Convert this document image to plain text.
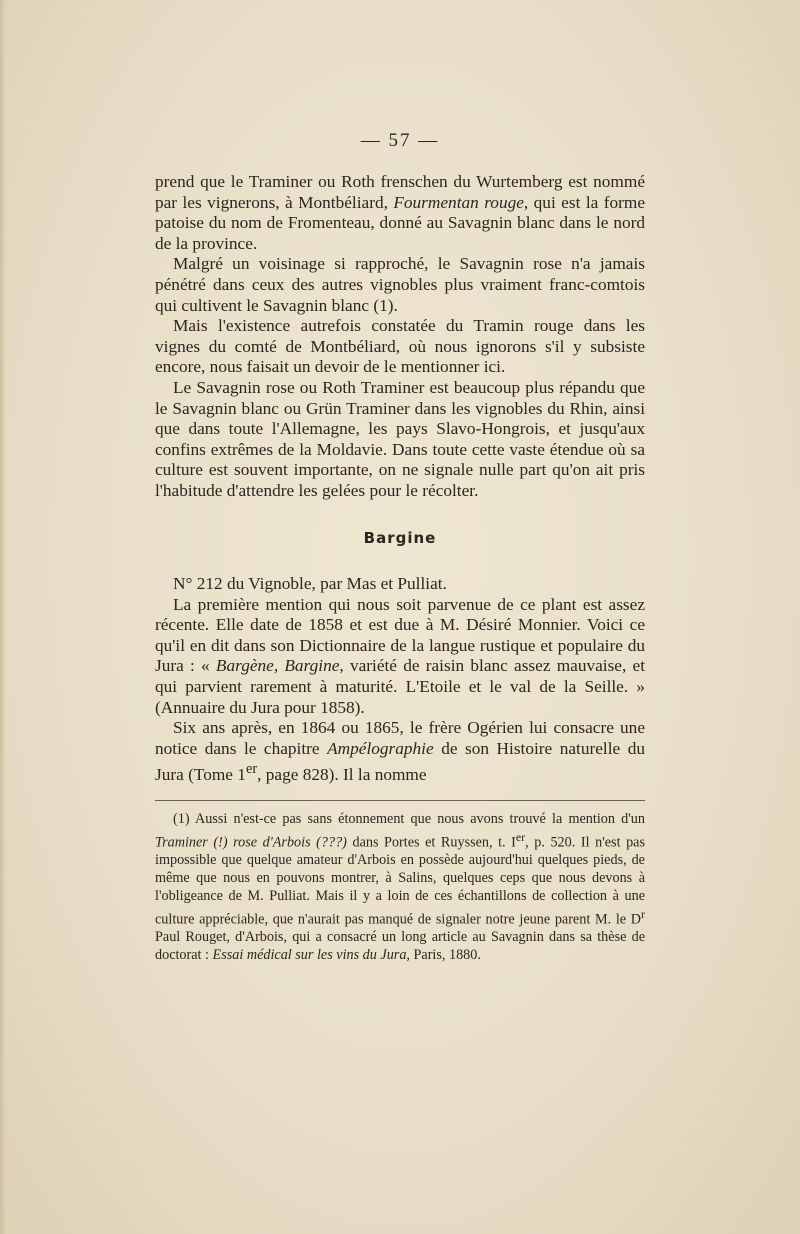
— 57 —

prend que le Traminer ou Roth frenschen du Wurtemberg est nommé par les vignerons, à Montbéliard, Fourmentan rouge, qui est la forme patoise du nom de Fromenteau, donné au Savagnin blanc dans le nord de la province.

Malgré un voisinage si rapproché, le Savagnin rose n'a jamais pénétré dans ceux des autres vignobles plus vraiment franc-comtois qui cultivent le Savagnin blanc (1).

Mais l'existence autrefois constatée du Tramin rouge dans les vignes du comté de Montbéliard, où nous ignorons s'il y subsiste encore, nous faisait un devoir de le mentionner ici.

Le Savagnin rose ou Roth Traminer est beaucoup plus répandu que le Savagnin blanc ou Grün Traminer dans les vignobles du Rhin, ainsi que dans toute l'Allemagne, les pays Slavo-Hongrois, et jusqu'aux confins extrêmes de la Moldavie. Dans toute cette vaste étendue où sa culture est souvent importante, on ne signale nulle part qu'on ait pris l'habitude d'attendre les gelées pour le récolter.

Bargine

N° 212 du Vignoble, par Mas et Pulliat.

La première mention qui nous soit parvenue de ce plant est assez récente. Elle date de 1858 et est due à M. Désiré Monnier. Voici ce qu'il en dit dans son Dictionnaire de la langue rustique et populaire du Jura : « Bargène, Bargine, variété de raisin blanc assez mauvaise, et qui parvient rarement à maturité. L'Etoile et le val de la Seille. » (Annuaire du Jura pour 1858).

Six ans après, en 1864 ou 1865, le frère Ogérien lui consacre une notice dans le chapitre Ampélographie de son Histoire naturelle du Jura (Tome 1er, page 828). Il la nomme

(1) Aussi n'est-ce pas sans étonnement que nous avons trouvé la mention d'un Traminer (!) rose d'Arbois (???) dans Portes et Ruyssen, t. Ier, p. 520. Il n'est pas impossible que quelque amateur d'Arbois en possède aujourd'hui quelques pieds, de même que nous en pouvons montrer, à Salins, quelques ceps que nous devons à l'obligeance de M. Pulliat. Mais il y a loin de ces échantillons de collection à une culture appréciable, que n'aurait pas manqué de signaler notre jeune parent M. le $D^r$ Paul Rouget, d'Arbois, qui a consacré un long article au Savagnin dans sa thèse de doctorat : Essai médical sur les vins du Jura, Paris, 1880.
